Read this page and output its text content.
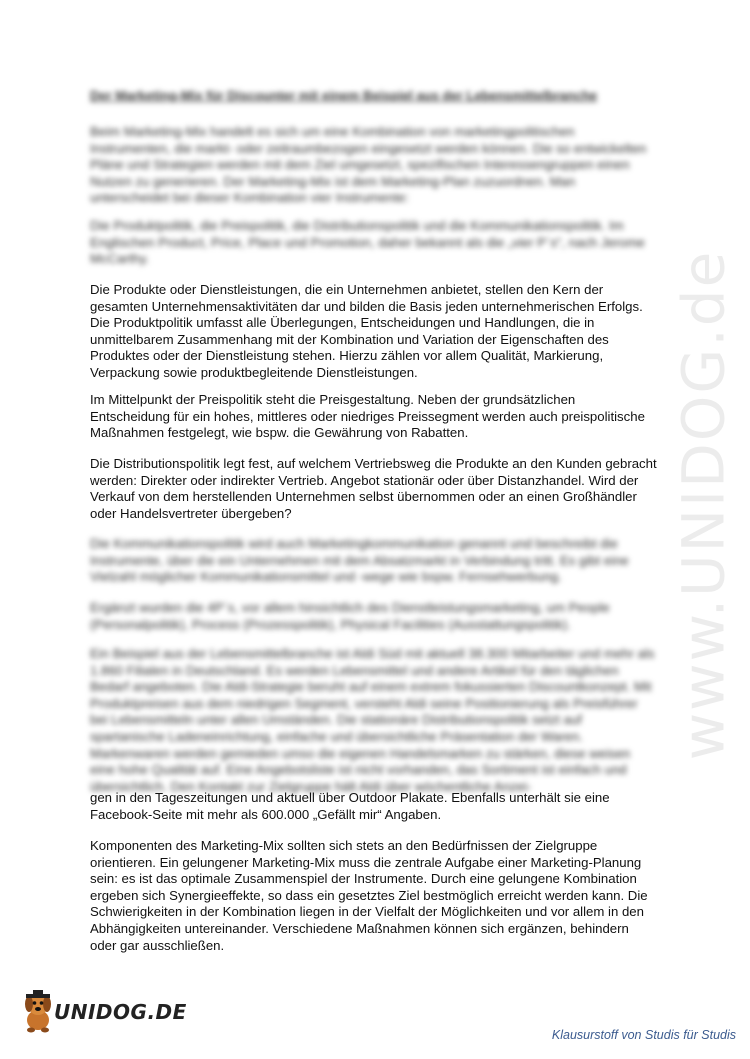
www.UNIDOG.de
Der Marketing-Mix für Discounter mit einem Beispiel aus der Lebensmittelbranche

Beim Marketing-Mix handelt es sich um eine Kombination von marketingpolitischen Instrumenten, die markt- oder zeitraumbezogen eingesetzt werden können. Die so entwickelten Pläne und Strategien werden mit dem Ziel umgesetzt, spezifischen Interessengruppen einen Nutzen zu generieren. Der Marketing-Mix ist dem Marketing-Plan zuzuordnen. Man unterscheidet bei dieser Kombination vier Instrumente:

Die Produktpolitik, die Preispolitik, die Distributionspolitik und die Kommunikationspolitik. Im Englischen Product, Price, Place und Promotion, daher bekannt als die „vier P´s“, nach Jerome McCarthy.

Die Produkte oder Dienstleistungen, die ein Unternehmen anbietet, stellen den Kern der gesamten Unternehmensaktivitäten dar und bilden die Basis jeden unternehmerischen Erfolgs. Die Produktpolitik umfasst alle Überlegungen, Entscheidungen und Handlungen, die in unmittelbarem Zusammenhang mit der Kombination und Variation der Eigenschaften des Produktes oder der Dienstleistung stehen. Hierzu zählen vor allem Qualität, Markierung, Verpackung sowie produktbegleitende Dienstleistungen.

Im Mittelpunkt der Preispolitik steht die Preisgestaltung. Neben der grundsätzlichen Entscheidung für ein hohes, mittleres oder niedriges Preissegment werden auch preispolitische Maßnahmen festgelegt, wie bspw. die Gewährung von Rabatten.

Die Distributionspolitik legt fest, auf welchem Vertriebsweg die Produkte an den Kunden gebracht werden: Direkter oder indirekter Vertrieb. Angebot stationär oder über Distanzhandel. Wird der Verkauf von dem herstellenden Unternehmen selbst übernommen oder an einen Großhändler oder Handelsvertreter übergeben?

Die Kommunikationspolitik wird auch Marketingkommunikation genannt und beschreibt die Instrumente, über die ein Unternehmen mit dem Absatzmarkt in Verbindung tritt. Es gibt eine Vielzahl möglicher Kommunikationsmittel und -wege wie bspw. Fernsehwerbung.

Ergänzt wurden die 4P´s, vor allem hinsichtlich des Dienstleistungsmarketing, um People (Personalpolitik), Process (Prozesspolitik), Physical Facilities (Ausstattungspolitik).

Ein Beispiel aus der Lebensmittelbranche ist Aldi Süd mit aktuell 38.300 Mitarbeiter und mehr als 1.860 Filialen in Deutschland. Es werden Lebensmittel und andere Artikel für den täglichen Bedarf angeboten. Die Aldi-Strategie beruht auf einem extrem fokussierten Discountkonzept. Mit Produktpreisen aus dem niedrigen Segment, versteht Aldi seine Positionierung als Preisführer bei Lebensmitteln unter allen Umständen. Die stationäre Distributionspolitik setzt auf spartanische Ladeneinrichtung, einfache und übersichtliche Präsentation der Waren. Markenwaren werden gemieden umso die eigenen Handelsmarken zu stärken, diese weisen eine hohe Qualität auf. Eine Angebotsliste ist nicht vorhanden, das Sortiment ist einfach und übersichtlich. Den Kontakt zur Zielgruppe hält Aldi über wöchentliche Anzei-

gen in den Tageszeitungen und aktuell über Outdoor Plakate. Ebenfalls unterhält sie eine Facebook-Seite mit mehr als 600.000 „Gefällt mir“ Angaben.

Komponenten des Marketing-Mix sollten sich stets an den Bedürfnissen der Zielgruppe orientieren. Ein gelungener Marketing-Mix muss die zentrale Aufgabe einer Marketing-Planung sein: es ist das optimale Zusammenspiel der Instrumente. Durch eine gelungene Kombination ergeben sich Synergieeffekte, so dass ein gesetztes Ziel bestmöglich erreicht werden kann. Die Schwierigkeiten in der Kombination liegen in der Vielfalt der Möglichkeiten und vor allem in den Abhängigkeiten untereinander. Verschiedene Maßnahmen können sich ergänzen, behindern oder gar ausschließen.

UNIDOG.DE
Klausurstoff von Studis für Studis
